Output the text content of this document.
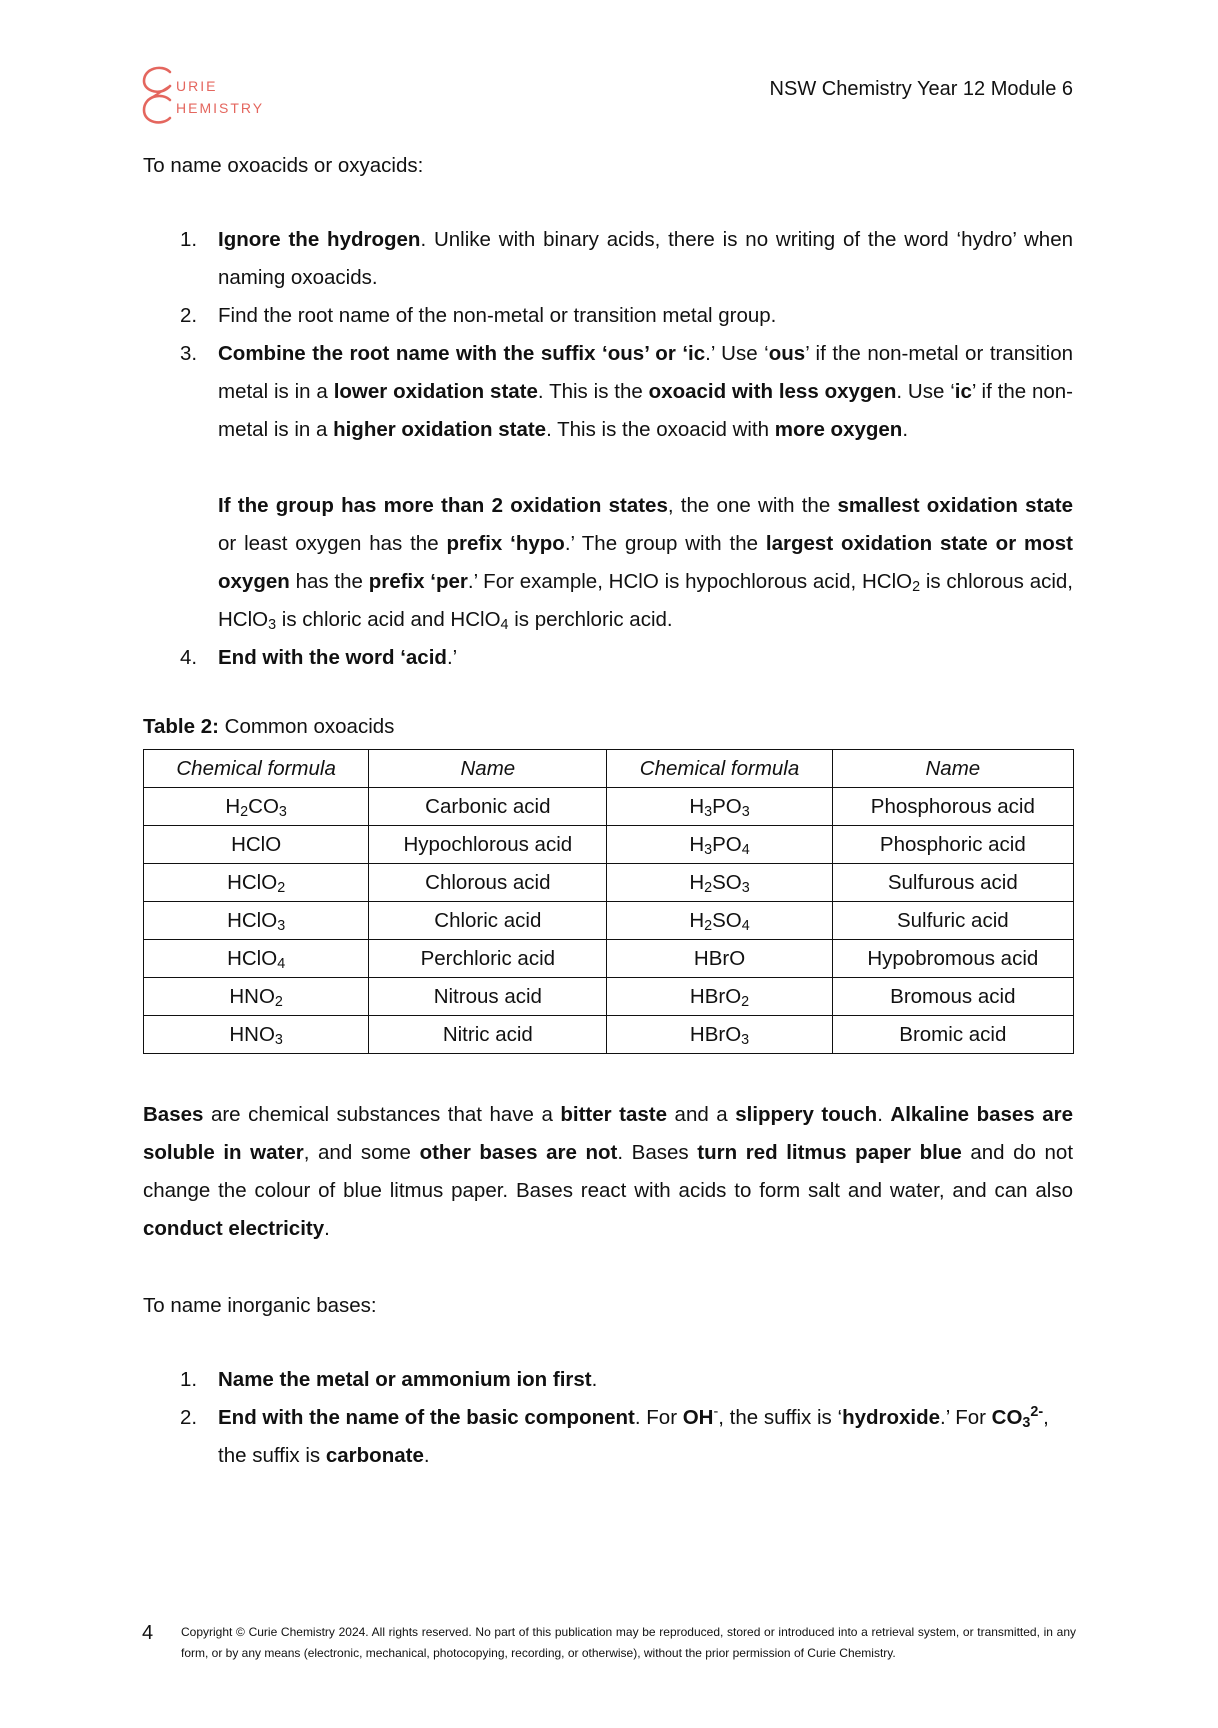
URIE
HEMISTRY
NSW Chemistry Year 12 Module 6
To name oxoacids or oxyacids:
1. Ignore the hydrogen. Unlike with binary acids, there is no writing of the word ‘hydro’ when naming oxoacids.
2. Find the root name of the non-metal or transition metal group.
3. Combine the root name with the suffix ‘ous’ or ‘ic.’ Use ‘ous’ if the non-metal or transition metal is in a lower oxidation state. This is the oxoacid with less oxygen. Use ‘ic’ if the non-metal is in a higher oxidation state. This is the oxoacid with more oxygen.
If the group has more than 2 oxidation states, the one with the smallest oxidation state or least oxygen has the prefix ‘hypo.’ The group with the largest oxidation state or most oxygen has the prefix ‘per.’ For example, HClO is hypochlorous acid, HClO$_2$ is chlorous acid, HClO$_3$ is chloric acid and HClO$_4$ is perchloric acid.
4. End with the word ‘acid.’
Table 2: Common oxoacids
Chemical formula	Name	Chemical formula	Name
$H_2CO_3$	Carbonic acid	$H_3PO_3$	Phosphorous acid
HClO	Hypochlorous acid	$H_3PO_4$	Phosphoric acid
HClO$_2$	Chlorous acid	$H_2SO_3$	Sulfurous acid
HClO$_3$	Chloric acid	$H_2SO_4$	Sulfuric acid
HClO$_4$	Perchloric acid	HBrO	Hypobromous acid
$HNO_2$	Nitrous acid	HBrO$_2$	Bromous acid
$HNO_3$	Nitric acid	HBrO$_3$	Bromic acid
Bases are chemical substances that have a bitter taste and a slippery touch. Alkaline bases are soluble in water, and some other bases are not. Bases turn red litmus paper blue and do not change the colour of blue litmus paper. Bases react with acids to form salt and water, and can also conduct electricity.
To name inorganic bases:
1. Name the metal or ammonium ion first.
2. End with the name of the basic component. For OH-, the suffix is ‘hydroxide.’ For $CO_3^{2-}$, the suffix is carbonate.
4 Copyright © Curie Chemistry 2024. All rights reserved. No part of this publication may be reproduced, stored or introduced into a retrieval system, or transmitted, in any form, or by any means (electronic, mechanical, photocopying, recording, or otherwise), without the prior permission of Curie Chemistry.
